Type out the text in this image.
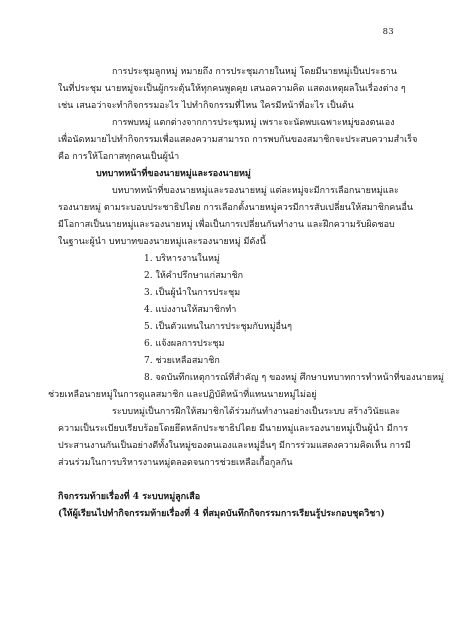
83

การประชุมลูกหมู่ หมายถึง การประชุมภายในหมู่ โดยมีนายหมู่เป็นประธาน

ในที่ประชุม นายหมู่จะเป็นผู้กระตุ้นให้ทุกคนพูดคุย เสนอความคิด แสดงเหตุผลในเรื่องต่าง ๆ

เช่น เสนอว่าจะทำกิจกรรมอะไร ไปทำกิจกรรมที่ไหน ใครมีหน้าที่อะไร เป็นต้น

การพบหมู่ แตกต่างจากการประชุมหมู่ เพราะจะนัดพบเฉพาะหมู่ของตนเอง

เพื่อนัดหมายไปทำกิจกรรมเพื่อแสดงความสามารถ การพบกันของสมาชิกจะประสบความสำเร็จ

คือ การให้โอกาสทุกคนเป็นผู้นำ

บทบาทหน้าที่ของนายหมู่และรองนายหมู่

บทบาทหน้าที่ของนายหมู่และรองนายหมู่ แต่ละหมู่จะมีการเลือกนายหมู่และ

รองนายหมู่ ตามระบอบประชาธิปไตย การเลือกตั้งนายหมู่ควรมีการสับเปลี่ยนให้สมาชิกคนอื่น

มีโอกาสเป็นนายหมู่และรองนายหมู่ เพื่อเป็นการเปลี่ยนกันทำงาน และฝึกความรับผิดชอบ

ในฐานะผู้นำ บทบาทของนายหมู่และรองนายหมู่ มีดังนี้

1. บริหารงานในหมู่

2. ให้คำปรึกษาแก่สมาชิก

3. เป็นผู้นำในการประชุม

4. แบ่งงานให้สมาชิกทำ

5. เป็นตัวแทนในการประชุมกับหมู่อื่นๆ

6. แจ้งผลการประชุม

7. ช่วยเหลือสมาชิก

8. จดบันทึกเหตุการณ์ที่สำคัญ ๆ ของหมู่ ศึกษาบทบาทการทำหน้าที่ของนายหมู่

ช่วยเหลือนายหมู่ในการดูแลสมาชิก และปฏิบัติหน้าที่แทนนายหมู่ไม่อยู่

ระบบหมู่เป็นการฝึกให้สมาชิกได้ร่วมกันทำงานอย่างเป็นระบบ สร้างวินัยและ

ความเป็นระเบียบเรียบร้อยโดยยึดหลักประชาธิปไตย มีนายหมู่และรองนายหมู่เป็นผู้นำ มีการ

ประสานงานกันเป็นอย่างดีทั้งในหมู่ของตนเองและหมู่อื่นๆ มีการร่วมแสดงความคิดเห็น การมี

ส่วนร่วมในการบริหารงานหมู่ตลอดจนการช่วยเหลือเกื้อกูลกัน

กิจกรรมท้ายเรื่องที่ 4 ระบบหมู่ลูกเสือ

(ให้ผู้เรียนไปทำกิจกรรมท้ายเรื่องที่ 4 ที่สมุดบันทึกกิจกรรมการเรียนรู้ประกอบชุดวิชา)
